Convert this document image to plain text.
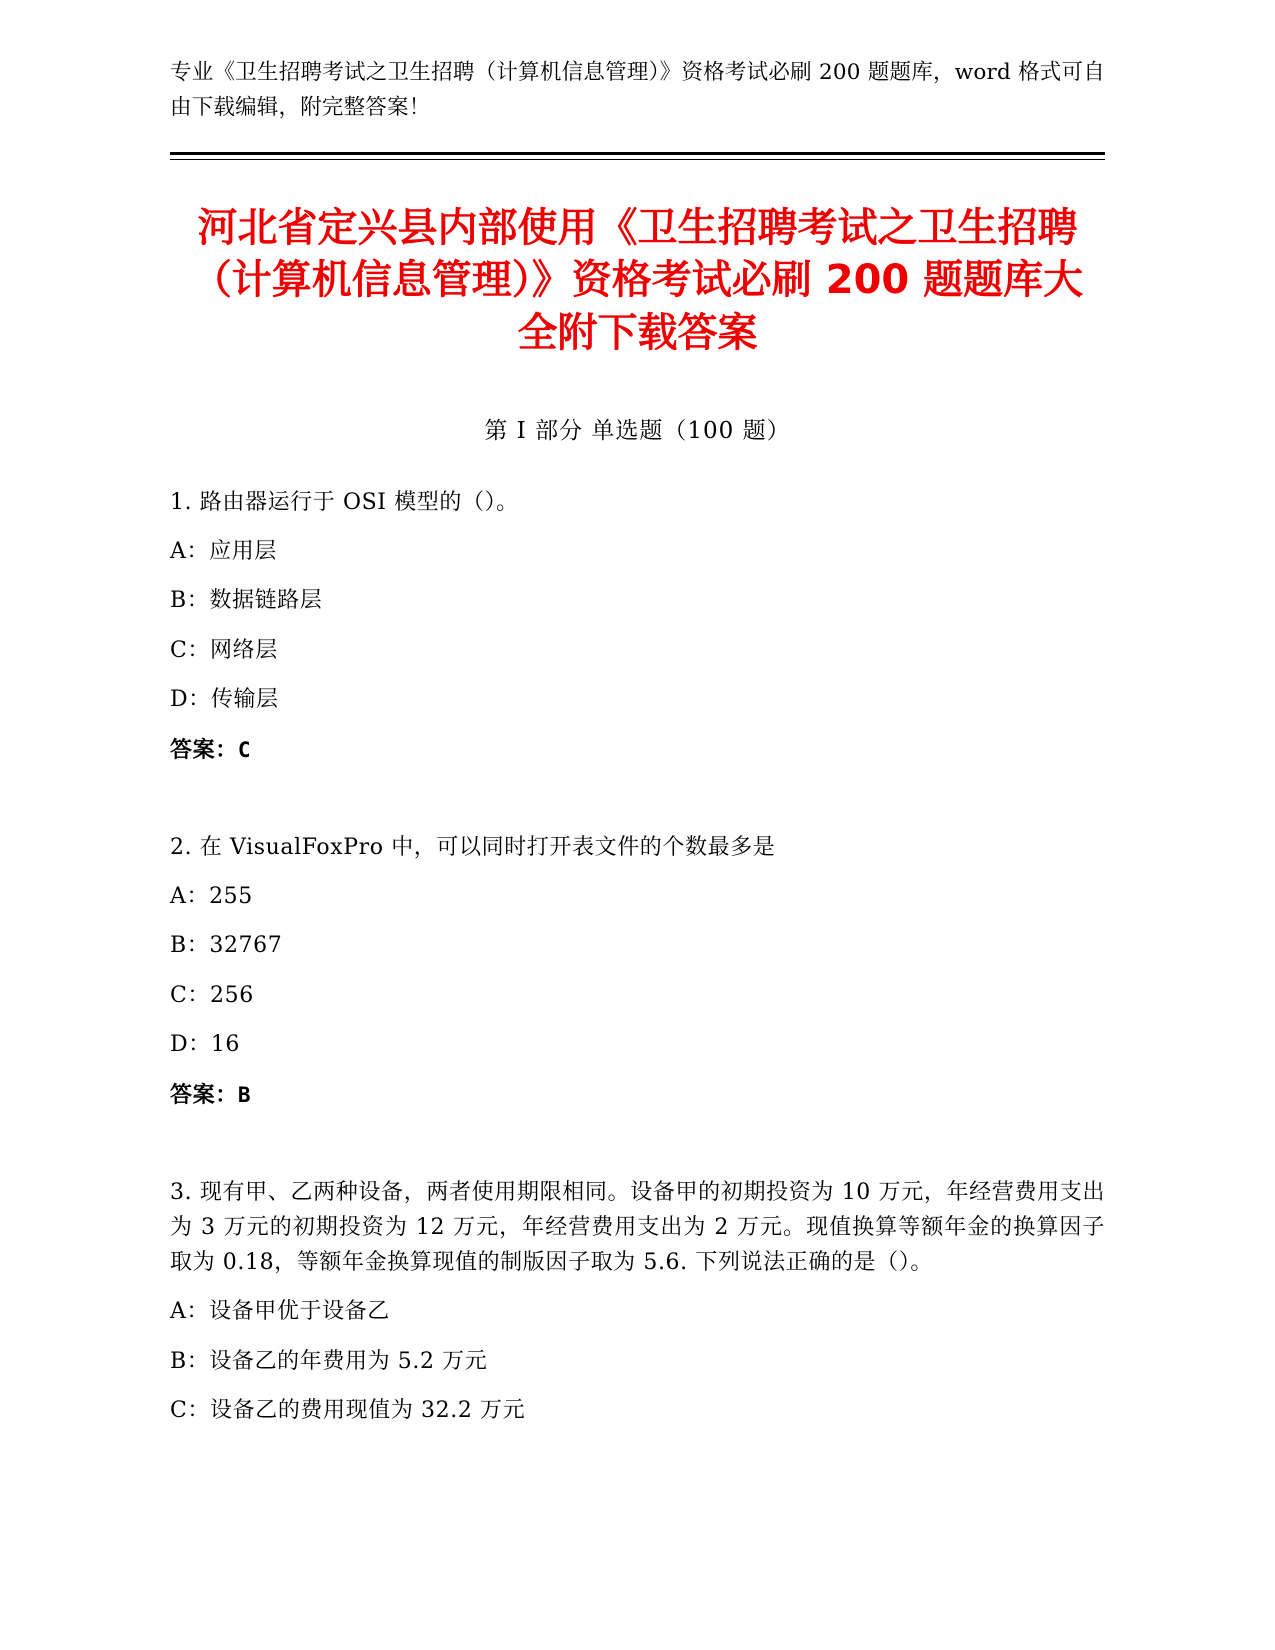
专业《卫生招聘考试之卫生招聘（计算机信息管理）》资格考试必刷 200 题题库，word 格式可自由下载编辑，附完整答案！
河北省定兴县内部使用《卫生招聘考试之卫生招聘（计算机信息管理）》资格考试必刷 200 题题库大全附下载答案
第 I 部分 单选题（100 题）
1. 路由器运行于 OSI 模型的（）。
A：应用层
B：数据链路层
C：网络层
D：传输层
答案：C
2. 在 VisualFoxPro 中，可以同时打开表文件的个数最多是
A：255
B：32767
C：256
D：16
答案：B
3. 现有甲、乙两种设备，两者使用期限相同。设备甲的初期投资为 10 万元，年经营费用支出为 3 万元的初期投资为 12 万元，年经营费用支出为 2 万元。现值换算等额年金的换算因子取为 0.18，等额年金换算现值的制版因子取为 5.6. 下列说法正确的是（）。
A：设备甲优于设备乙
B：设备乙的年费用为 5.2 万元
C：设备乙的费用现值为 32.2 万元
